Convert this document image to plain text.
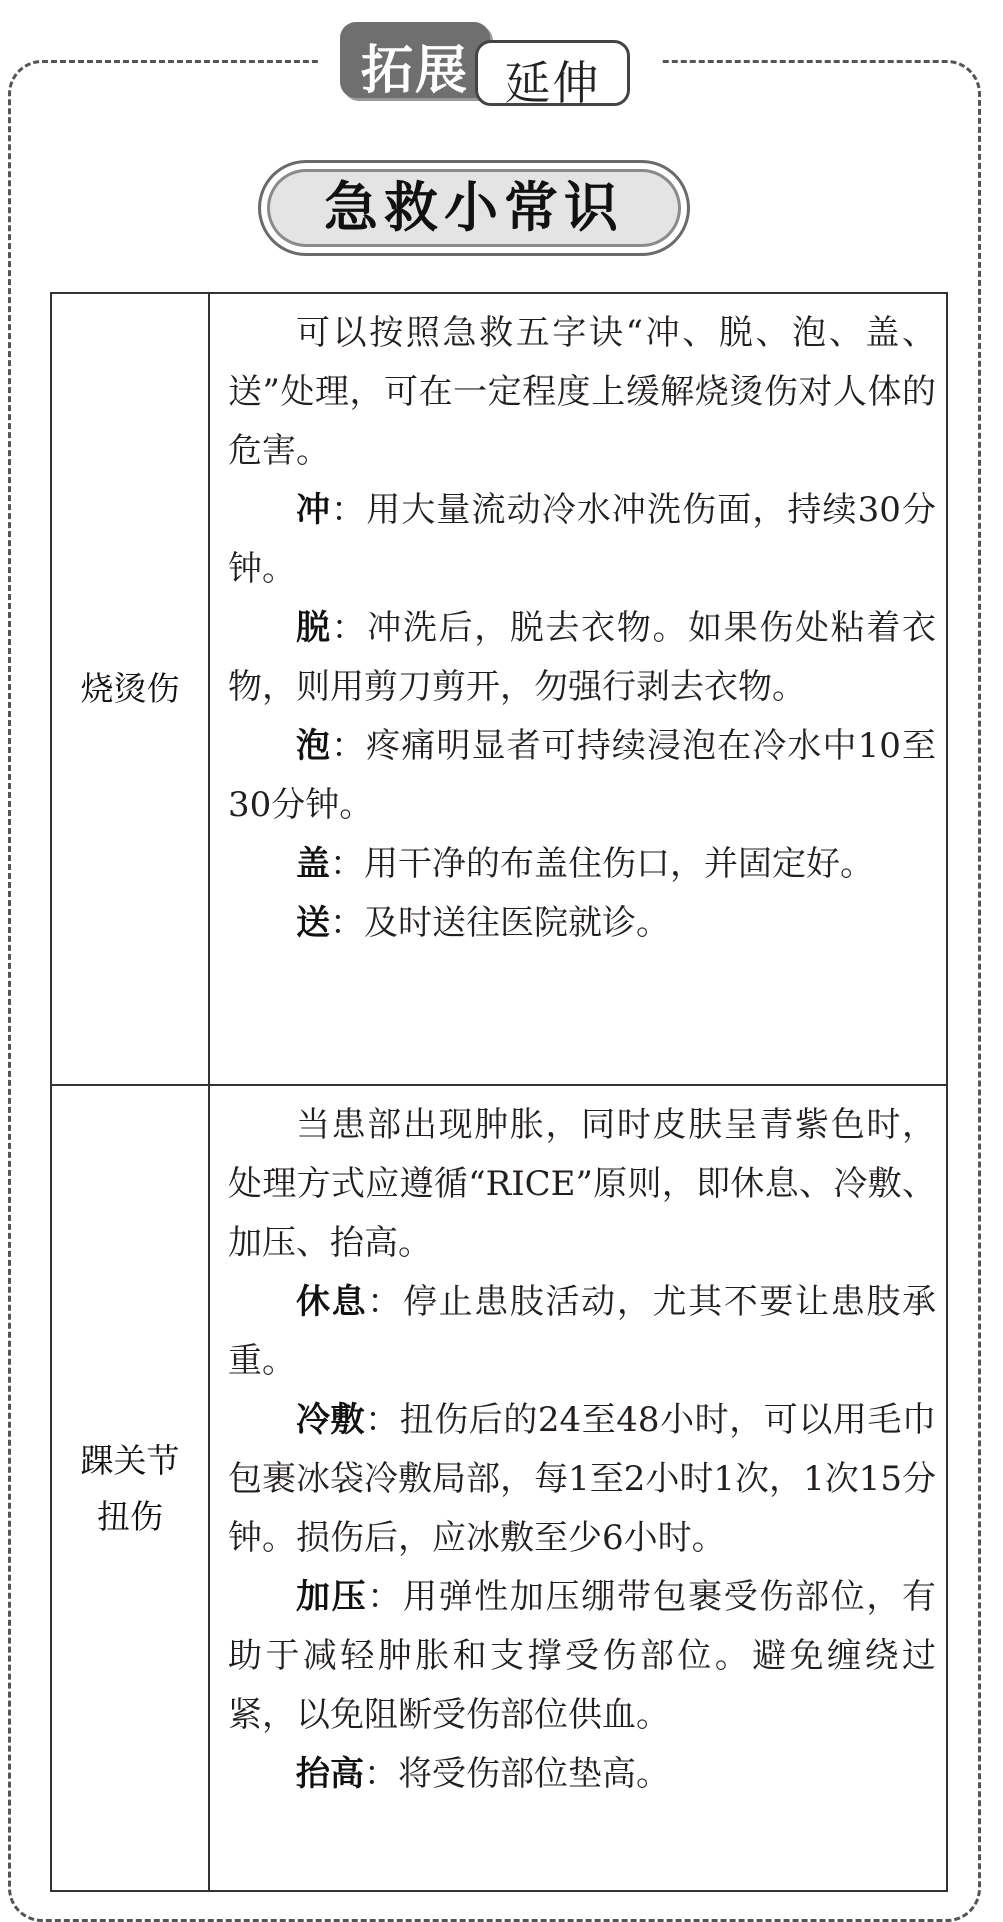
拓展 延伸
急救小常识
烧烫伤

可以按照急救五字诀“冲、脱、泡、盖、送”处理，可在一定程度上缓解烧烫伤对人体的危害。

冲：用大量流动冷水冲洗伤面，持续30分钟。

脱：冲洗后，脱去衣物。如果伤处粘着衣物，则用剪刀剪开，勿强行剥去衣物。

泡：疼痛明显者可持续浸泡在冷水中10至30分钟。

盖：用干净的布盖住伤口，并固定好。

送：及时送往医院就诊。

踝关节
扭伤

当患部出现肿胀，同时皮肤呈青紫色时，处理方式应遵循“RICE”原则，即休息、冷敷、加压、抬高。

休息：停止患肢活动，尤其不要让患肢承重。

冷敷：扭伤后的24至48小时，可以用毛巾包裹冰袋冷敷局部，每1至2小时1次，1次15分钟。损伤后，应冰敷至少6小时。

加压：用弹性加压绷带包裹受伤部位，有助于减轻肿胀和支撑受伤部位。避免缠绕过紧，以免阻断受伤部位供血。

抬高：将受伤部位垫高。
